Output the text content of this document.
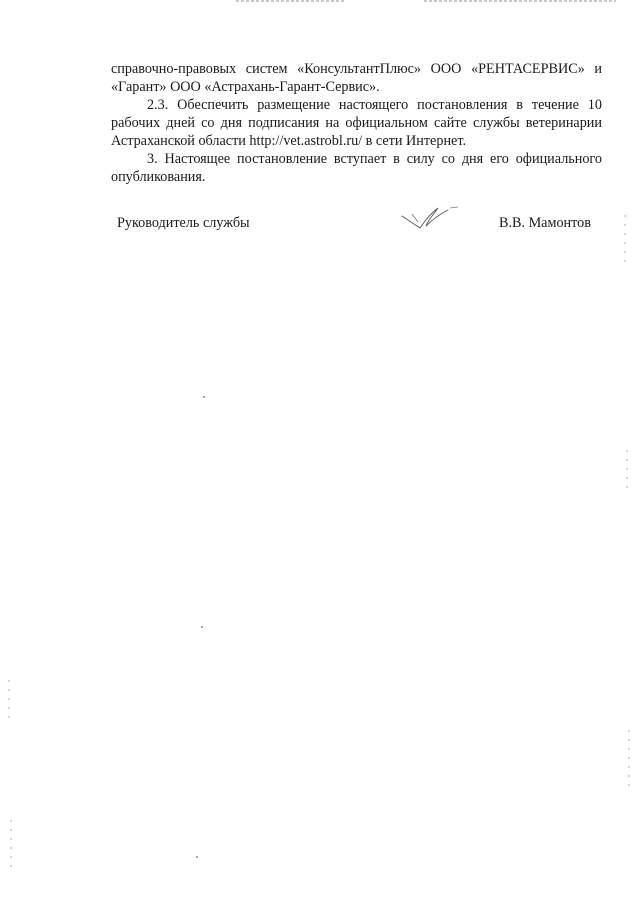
справочно-правовых систем «КонсультантПлюс» ООО «РЕНТАСЕРВИС» и «Гарант» ООО «Астрахань-Гарант-Сервис».

2.3. Обеспечить размещение настоящего постановления в течение 10 рабочих дней со дня подписания на официальном сайте службы ветеринарии Астраханской области http://vet.astrobl.ru/ в сети Интернет.

3. Настоящее постановление вступает в силу со дня его официального опубликования.

Руководитель службы	В.В. Мамонтов
